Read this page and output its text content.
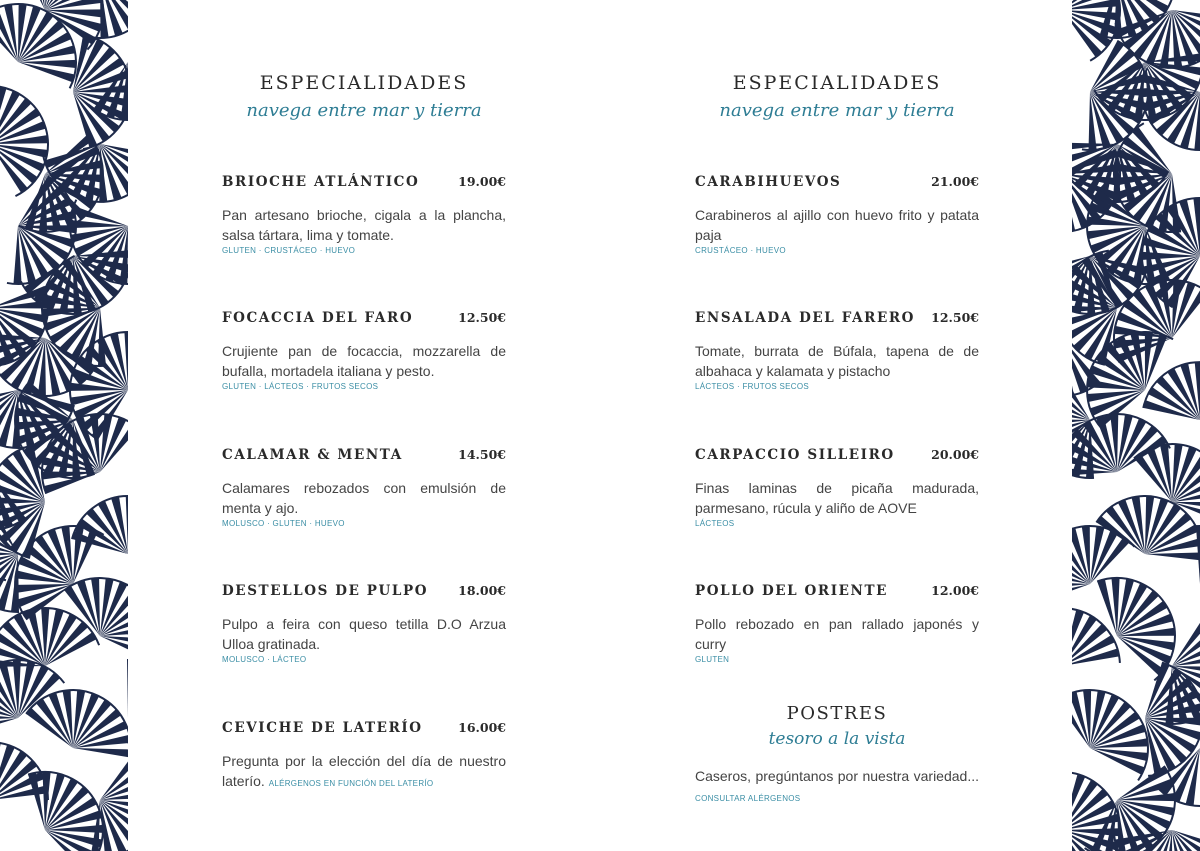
ESPECIALIDADES
navega entre mar y tierra
BRIOCHE ATLÁNTICO	19.00€
Pan artesano brioche, cigala a la plancha, salsa tártara, lima y tomate.
GLUTEN · CRUSTÁCEO · HUEVO
FOCACCIA DEL FARO	12.50€
Crujiente pan de focaccia, mozzarella de bufalla, mortadela italiana y pesto.
GLUTEN · LÁCTEOS · FRUTOS SECOS
CALAMAR & MENTA	14.50€
Calamares rebozados con emulsión de menta y ajo.
MOLUSCO · GLUTEN · HUEVO
DESTELLOS DE PULPO 18.00€
Pulpo a feira con queso tetilla D.O Arzua Ulloa gratinada.
MOLUSCO · LÁCTEO
CEVICHE DE LATERÍO	16.00€
Pregunta por la elección del día de nuestro laterío. ALÉRGENOS EN FUNCIÓN DEL LATERÍO
ESPECIALIDADES
navega entre mar y tierra
CARABIHUEVOS	21.00€
Carabineros al ajillo con huevo frito y patata paja
CRUSTÁCEO · HUEVO
ENSALADA DEL FARERO 12.50€
Tomate, burrata de Búfala, tapena de de albahaca y kalamata y pistacho
LÁCTEOS · FRUTOS SECOS
CARPACCIO SILLEIRO	20.00€
Finas laminas de picaña madurada, parmesano, rúcula y aliño de AOVE
LÁCTEOS
POLLO DEL ORIENTE	12.00€
Pollo rebozado en pan rallado japonés y curry
GLUTEN
POSTRES
tesoro a la vista
Caseros, pregúntanos por nuestra variedad... CONSULTAR ALÉRGENOS
